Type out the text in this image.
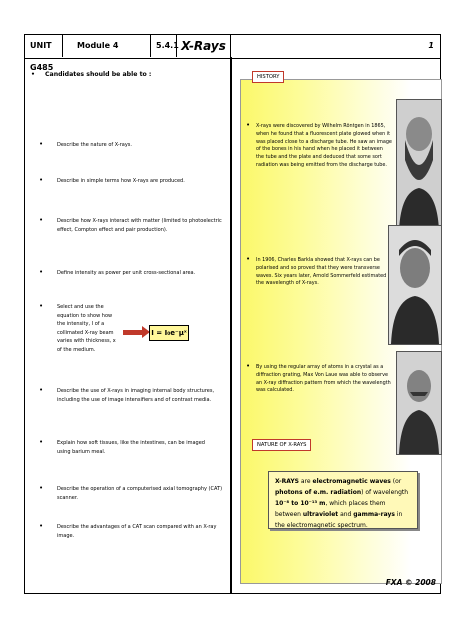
UNIT G485
Module 4	5.4.1 X-Rays	1
• Candidates should be able to :
•	Describe the nature of X-rays.
•	Describe in simple terms how X-rays are produced.
•	Describe how X-rays interact with matter (limited to photoelectric effect, Compton effect and pair production).
•	Define intensity as power per unit cross-sectional area.
•	Select and use the equation to show how the intensity, I of a collimated X-ray beam varies with thickness, x of the medium.
•	Describe the use of X-rays in imaging internal body structures, including the use of image intensifiers and of contrast media.
•	Explain how soft tissues, like the intestines, can be imaged using barium meal.
•	Describe the operation of a computerised axial tomography (CAT) scanner.
•	Describe the advantages of a CAT scan compared with an X-ray image.
I = I₀e⁻μˣ
HISTORY
• X-rays were discovered by Wilhelm Röntgen in 1865, when he found that a fluorescent plate glowed when it was placed close to a discharge tube. He saw an image of the bones in his hand when he placed it between the tube and the plate and deduced that some sort radiation was being emitted from the discharge tube.
• In 1906, Charles Barkla showed that X-rays can be polarised and so proved that they were transverse waves. Six years later, Arnold Sommerfeld estimated the wavelength of X-rays.
• By using the regular array of atoms in a crystal as a diffraction grating, Max Von Laue was able to observe an X-ray diffraction pattern from which the wavelength was calculated.
NATURE OF X-RAYS
X-RAYS are electromagnetic waves (or photons of e.m. radiation) of wavelength 10⁻⁸ to 10⁻¹³ m, which places them between ultraviolet and gamma-rays in the electromagnetic spectrum.
FXA © 2008
